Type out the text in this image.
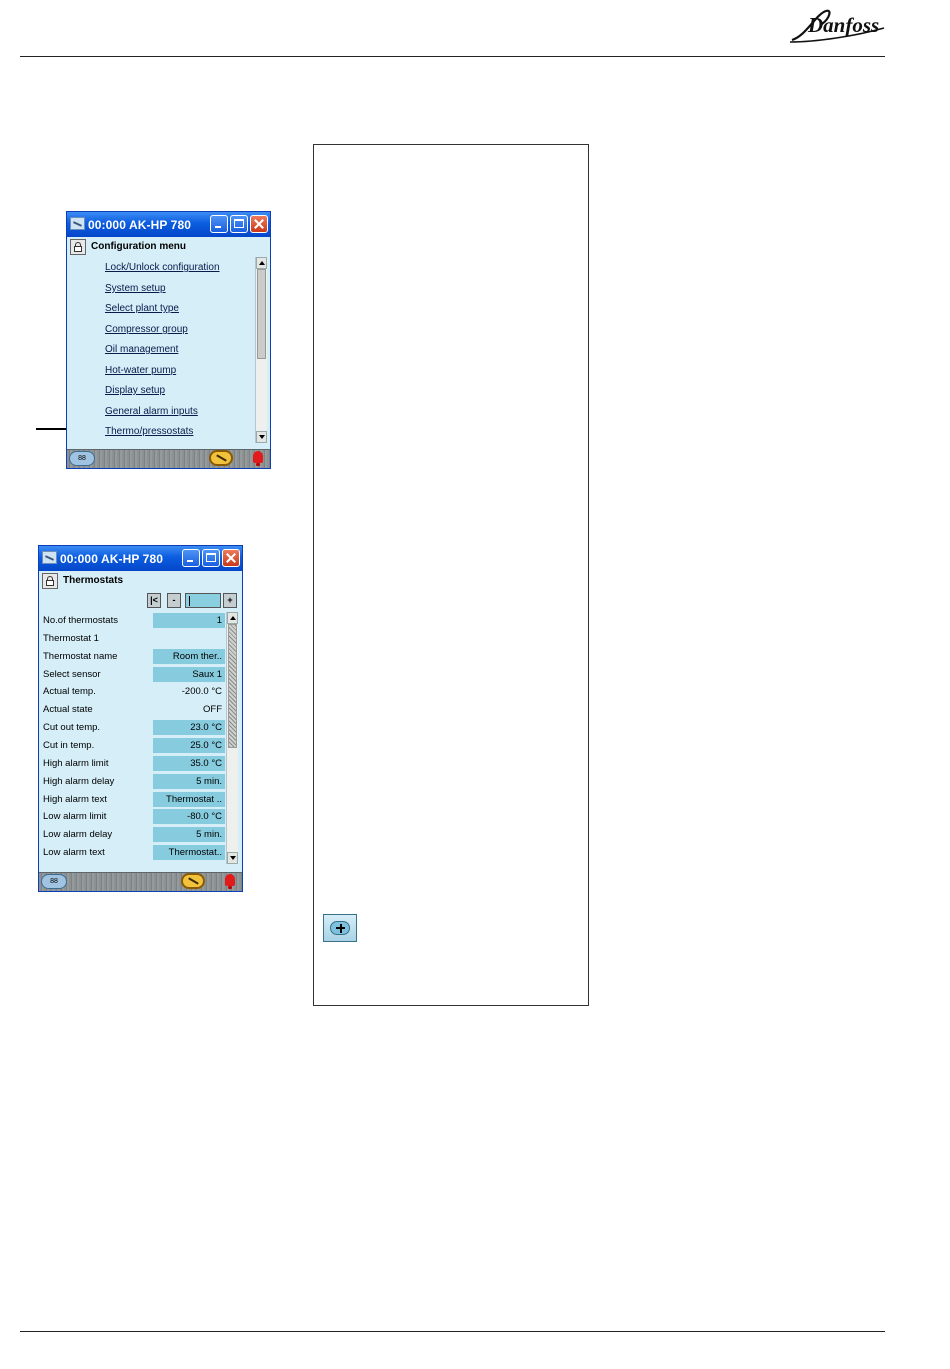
Danfoss
00:000 AK-HP 780
Configuration menu
Lock/Unlock configuration
System setup
Select plant type
Compressor group
Oil management
Hot-water pump
Display setup
General alarm inputs
Thermo/pressostats
88
00:000 AK-HP 780
Thermostats
|<	-	+
No.of thermostats	1
Thermostat 1
Thermostat name	Room ther..
Select sensor	Saux 1
Actual temp.	-200.0 °C
Actual state	OFF
Cut out temp.	23.0 °C
Cut in temp.	25.0 °C
High alarm limit	35.0 °C
High alarm delay	5 min.
High alarm text	Thermostat ..
Low alarm limit	-80.0 °C
Low alarm delay	5 min.
Low alarm text	Thermostat..
88
